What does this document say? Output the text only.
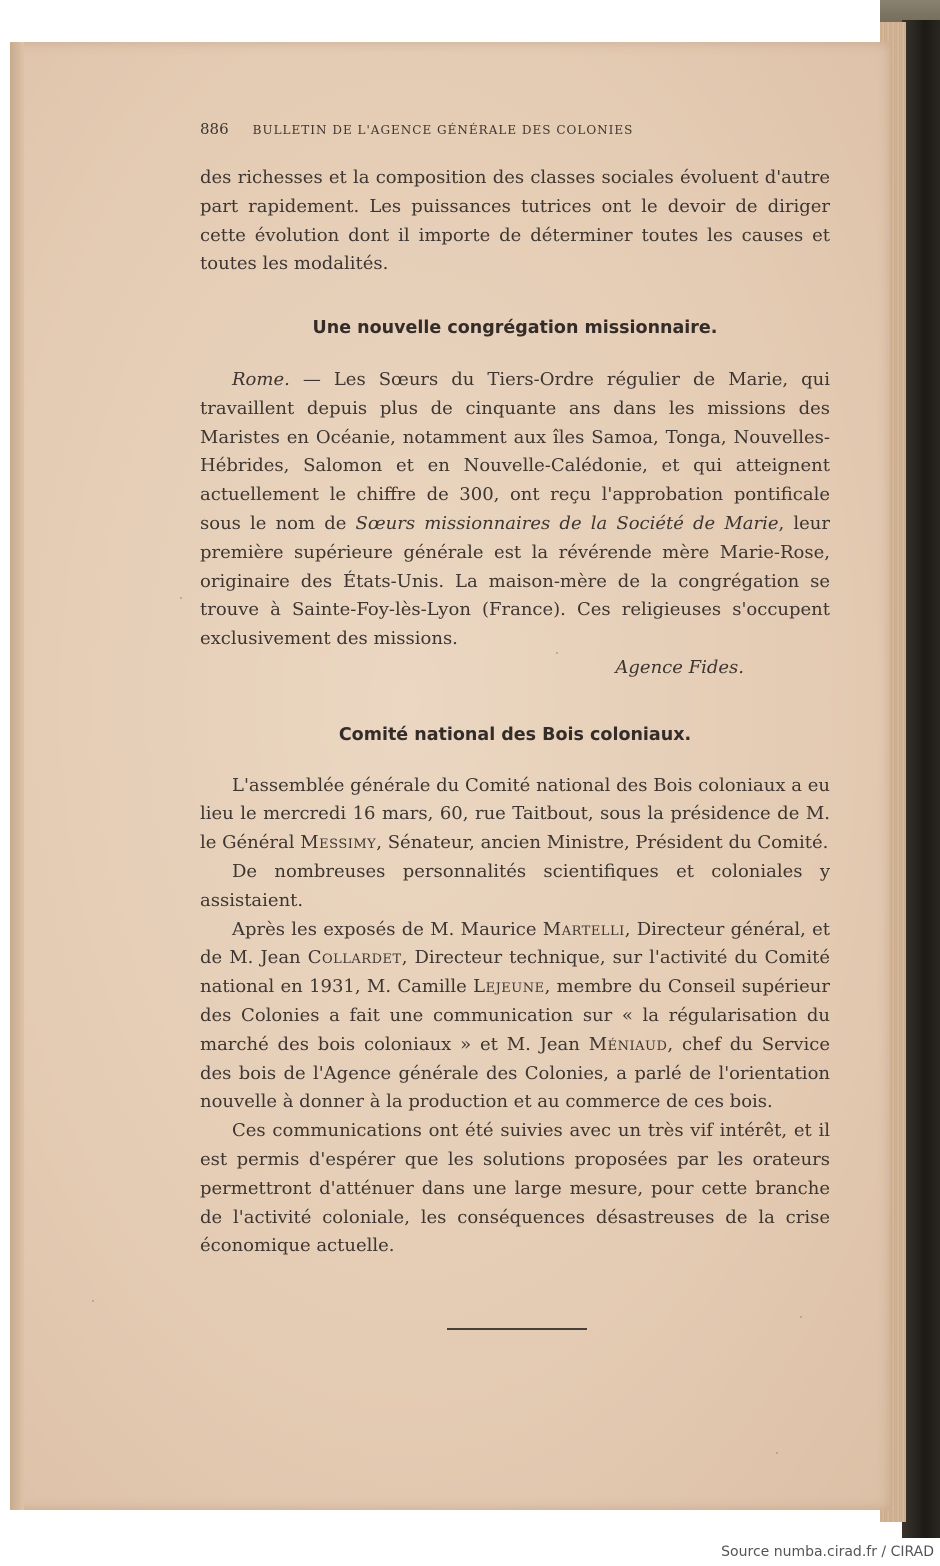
886 BULLETIN DE L'AGENCE GÉNÉRALE DES COLONIES

des richesses et la composition des classes sociales évoluent d'autre part rapidement. Les puissances tutrices ont le devoir de diriger cette évolution dont il importe de déterminer toutes les causes et toutes les modalités.

Une nouvelle congrégation missionnaire.

Rome. — Les Sœurs du Tiers-Ordre régulier de Marie, qui travaillent depuis plus de cinquante ans dans les missions des Maristes en Océanie, notamment aux îles Samoa, Tonga, Nouvelles-Hébrides, Salomon et en Nouvelle-Calédonie, et qui atteignent actuellement le chiffre de 300, ont reçu l'approbation pontificale sous le nom de Sœurs missionnaires de la Société de Marie, leur première supérieure générale est la révérende mère Marie-Rose, originaire des États-Unis. La maison-mère de la congrégation se trouve à Sainte-Foy-lès-Lyon (France). Ces religieuses s'occupent exclusivement des missions.

Agence Fides.

Comité national des Bois coloniaux.

L'assemblée générale du Comité national des Bois coloniaux a eu lieu le mercredi 16 mars, 60, rue Taitbout, sous la présidence de M. le Général Messimy, Sénateur, ancien Ministre, Président du Comité.

De nombreuses personnalités scientifiques et coloniales y assistaient.

Après les exposés de M. Maurice Martelli, Directeur général, et de M. Jean Collardet, Directeur technique, sur l'activité du Comité national en 1931, M. Camille Lejeune, membre du Conseil supérieur des Colonies a fait une communication sur « la régularisation du marché des bois coloniaux » et M. Jean Méniaud, chef du Service des bois de l'Agence générale des Colonies, a parlé de l'orientation nouvelle à donner à la production et au commerce de ces bois.

Ces communications ont été suivies avec un très vif intérêt, et il est permis d'espérer que les solutions proposées par les orateurs permettront d'atténuer dans une large mesure, pour cette branche de l'activité coloniale, les conséquences désastreuses de la crise économique actuelle.

Source numba.cirad.fr / CIRAD
